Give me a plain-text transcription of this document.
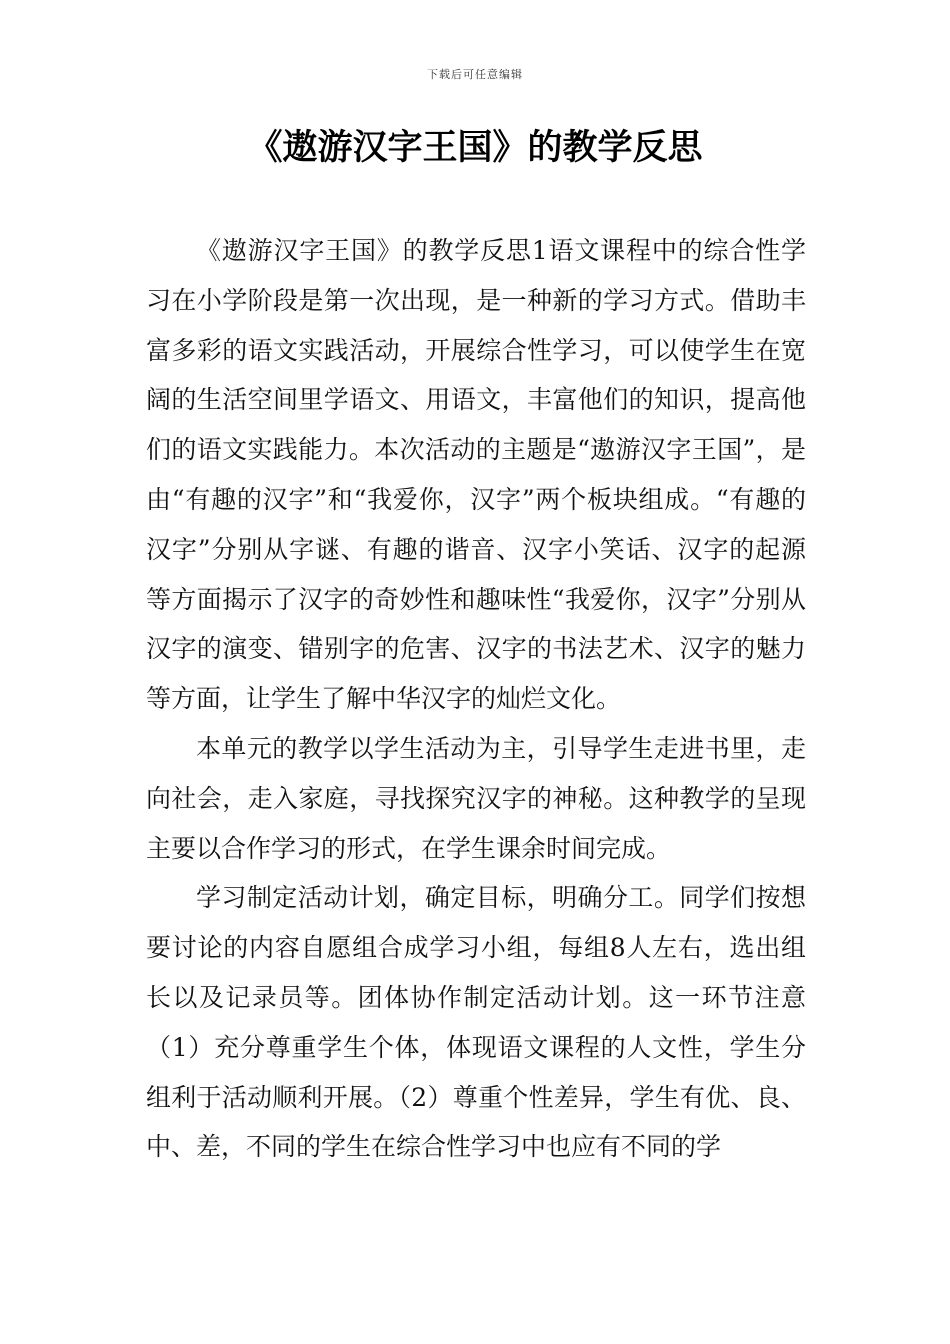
下载后可任意编辑
《遨游汉字王国》的教学反思

《遨游汉字王国》的教学反思1语文课程中的综合性学习在小学阶段是第一次出现，是一种新的学习方式。借助丰富多彩的语文实践活动，开展综合性学习，可以使学生在宽阔的生活空间里学语文、用语文，丰富他们的知识，提高他们的语文实践能力。本次活动的主题是“遨游汉字王国”，是由“有趣的汉字”和“我爱你，汉字”两个板块组成。“有趣的汉字”分别从字谜、有趣的谐音、汉字小笑话、汉字的起源等方面揭示了汉字的奇妙性和趣味性“我爱你，汉字”分别从汉字的演变、错别字的危害、汉字的书法艺术、汉字的魅力等方面，让学生了解中华汉字的灿烂文化。

本单元的教学以学生活动为主，引导学生走进书里，走向社会，走入家庭，寻找探究汉字的神秘。这种教学的呈现主要以合作学习的形式，在学生课余时间完成。

学习制定活动计划，确定目标，明确分工。同学们按想要讨论的内容自愿组合成学习小组，每组8人左右，选出组长以及记录员等。团体协作制定活动计划。这一环节注意（1）充分尊重学生个体，体现语文课程的人文性，学生分组利于活动顺利开展。（2）尊重个性差异，学生有优、良、中、差，不同的学生在综合性学习中也应有不同的学
